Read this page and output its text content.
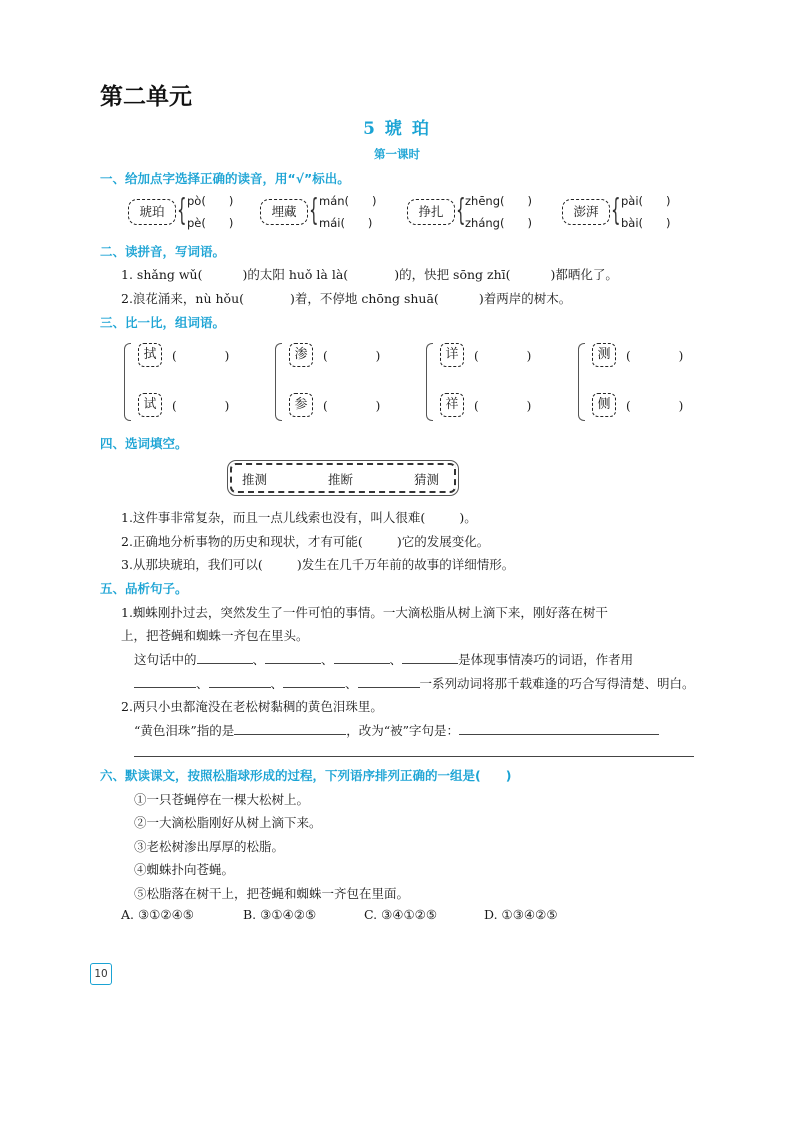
第二单元
5 琥 珀
第一课时
一、给加点字选择正确的读音，用“√”标出。
琥珀 { pò(　　)
pè(　　)
埋藏 { mán(　　)
mái(　　)
挣扎 { zhēng(　　)
zháng(　　)
澎湃 { pài(　　)
bài(　　)
二、读拼音，写词语。
1. shǎng wǔ(	)的太阳 huǒ là là(	)的，快把 sōng zhī(	)都晒化了。
2.浪花涌来，nù hǒu(	)着，不停地 chōng shuā(	)着两岸的树木。
三、比一比，组词语。
拭	(　　　　)
试	(　　　　)
渗	(　　　　)
参	(　　　　)
详	(　　　　)
祥	(　　　　)
测	(　　　　)
侧	(　　　　)
四、选词填空。
推测	推断	猜测
1.这件事非常复杂，而且一点儿线索也没有，叫人很难(	)。
2.正确地分析事物的历史和现状，才有可能(	)它的发展变化。
3.从那块琥珀，我们可以(	)发生在几千万年前的故事的详细情形。
五、品析句子。
1.蜘蛛刚扑过去，突然发生了一件可怕的事情。一大滴松脂从树上滴下来，刚好落在树干
上，把苍蝇和蜘蛛一齐包在里头。
这句话中的	、	、	、	是体现事情凑巧的词语，作者用
、	、	、	一系列动词将那千载难逢的巧合写得清楚、明白。
2.两只小虫都淹没在老松树黏稠的黄色泪珠里。
“黄色泪珠”指的是	，改为“被”字句是：
六、默读课文，按照松脂球形成的过程，下列语序排列正确的一组是(　　)
①一只苍蝇停在一棵大松树上。
②一大滴松脂刚好从树上滴下来。
③老松树渗出厚厚的松脂。
④蜘蛛扑向苍蝇。
⑤松脂落在树干上，把苍蝇和蜘蛛一齐包在里面。
A. ③①②④⑤	B. ③①④②⑤	C. ③④①②⑤	D. ①③④②⑤
10
